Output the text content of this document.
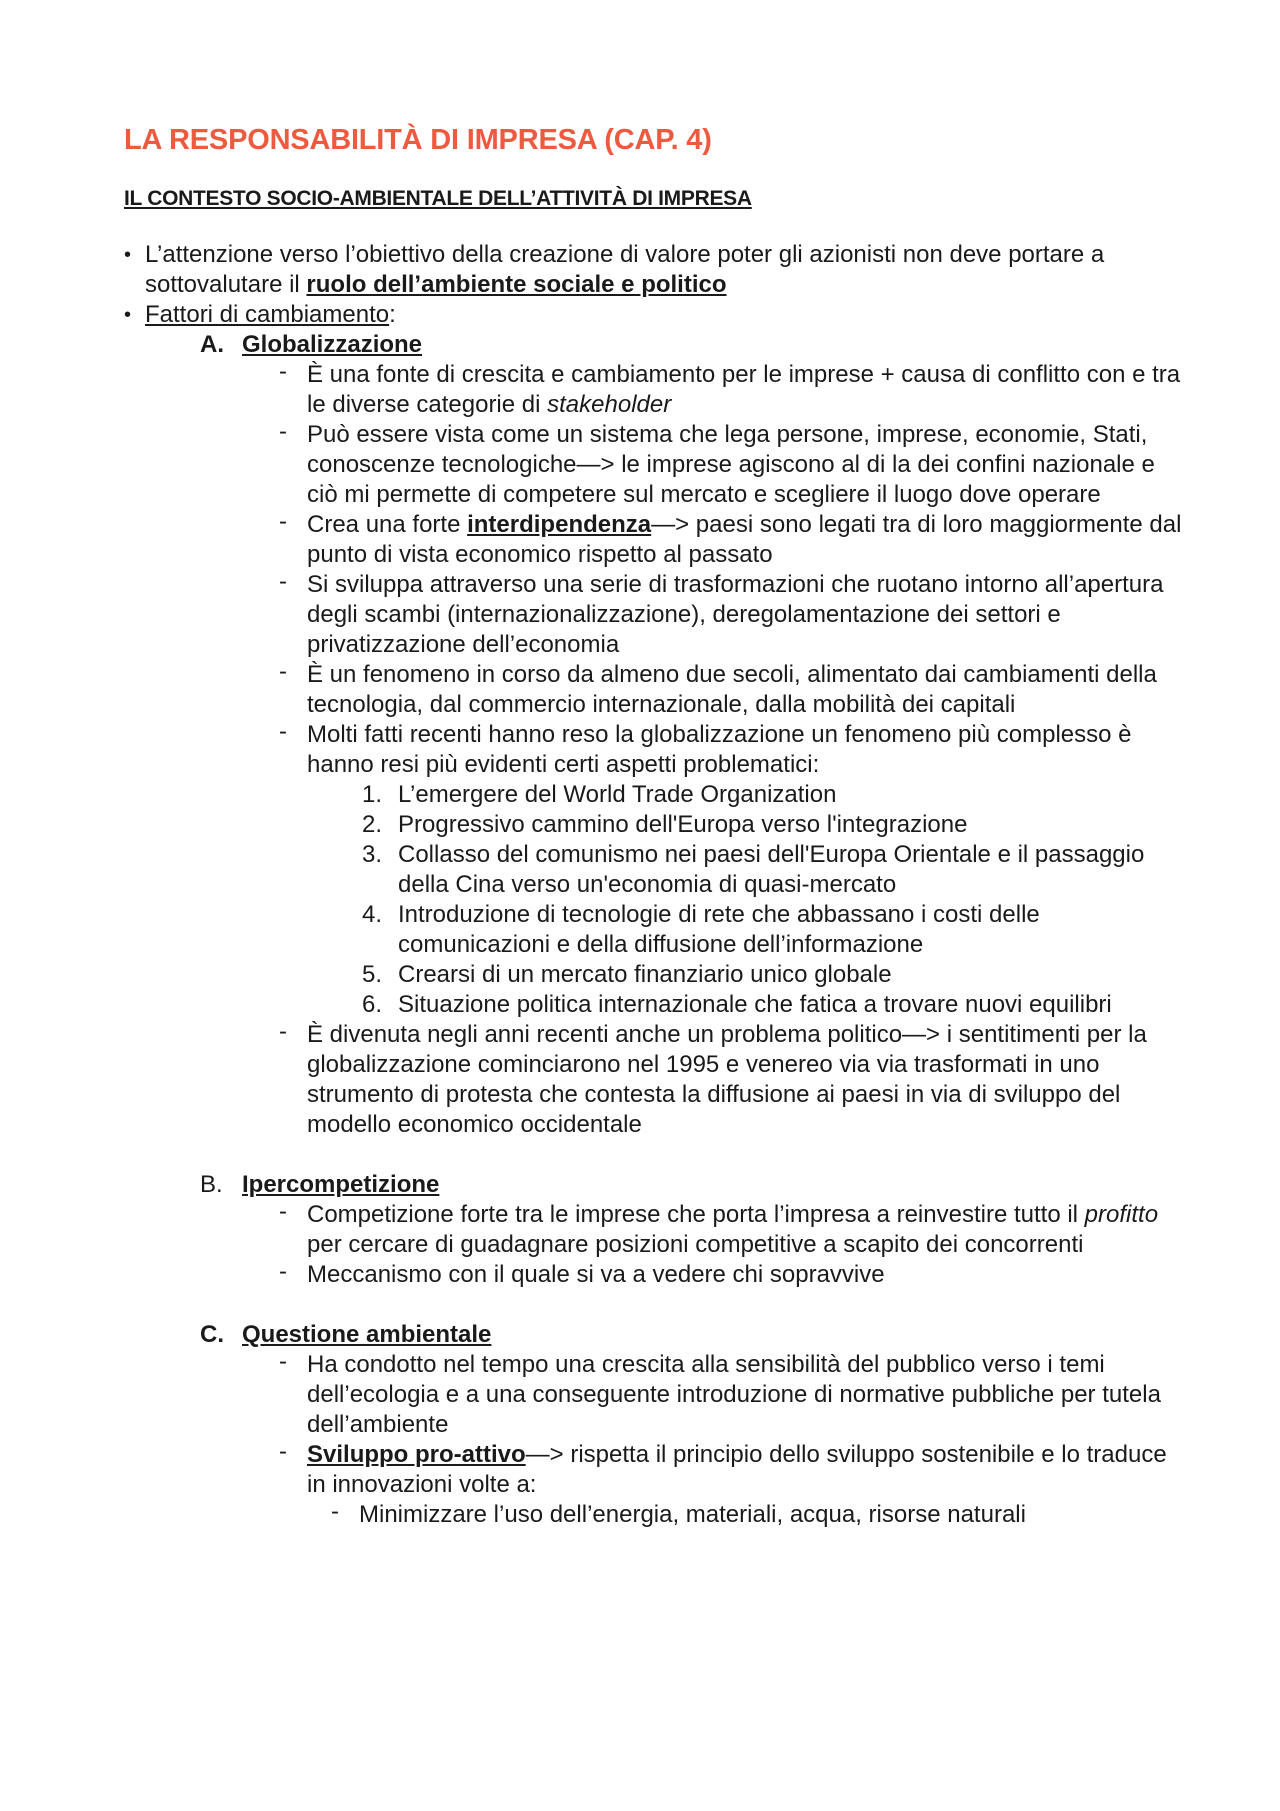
LA RESPONSABILITÀ DI IMPRESA (CAP. 4)
IL CONTESTO SOCIO-AMBIENTALE DELL’ATTIVITÀ DI IMPRESA
• L’attenzione verso l’obiettivo della creazione di valore poter gli azionisti non deve portare a sottovalutare il ruolo dell’ambiente sociale e politico
• Fattori di cambiamento:
A. Globalizzazione
- È una fonte di crescita e cambiamento per le imprese + causa di conflitto con e tra le diverse categorie di stakeholder
- Può essere vista come un sistema che lega persone, imprese, economie, Stati, conoscenze tecnologiche—> le imprese agiscono al di la dei confini nazionale e ciò mi permette di competere sul mercato e scegliere il luogo dove operare
- Crea una forte interdipendenza—> paesi sono legati tra di loro maggiormente dal punto di vista economico rispetto al passato
- Si sviluppa attraverso una serie di trasformazioni che ruotano intorno all’apertura degli scambi (internazionalizzazione), deregolamentazione dei settori e privatizzazione dell’economia
- È un fenomeno in corso da almeno due secoli, alimentato dai cambiamenti della tecnologia, dal commercio internazionale, dalla mobilità dei capitali
- Molti fatti recenti hanno reso la globalizzazione un fenomeno più complesso è hanno resi più evidenti certi aspetti problematici:
1. L’emergere del World Trade Organization
2. Progressivo cammino dell'Europa verso l'integrazione
3. Collasso del comunismo nei paesi dell'Europa Orientale e il passaggio della Cina verso un'economia di quasi-mercato
4. Introduzione di tecnologie di rete che abbassano i costi delle comunicazioni e della diffusione dell’informazione
5. Crearsi di un mercato finanziario unico globale
6. Situazione politica internazionale che fatica a trovare nuovi equilibri
- È divenuta negli anni recenti anche un problema politico—> i sentitimenti per la globalizzazione cominciarono nel 1995 e venereo via via trasformati in uno strumento di protesta che contesta la diffusione ai paesi in via di sviluppo del modello economico occidentale
B. Ipercompetizione
- Competizione forte tra le imprese che porta l’impresa a reinvestire tutto il profitto per cercare di guadagnare posizioni competitive a scapito dei concorrenti
- Meccanismo con il quale si va a vedere chi sopravvive
C. Questione ambientale
- Ha condotto nel tempo una crescita alla sensibilità del pubblico verso i temi dell’ecologia e a una conseguente introduzione di normative pubbliche per tutela dell’ambiente
- Sviluppo pro-attivo—> rispetta il principio dello sviluppo sostenibile e lo traduce in innovazioni volte a:
- Minimizzare l’uso dell’energia, materiali, acqua, risorse naturali
